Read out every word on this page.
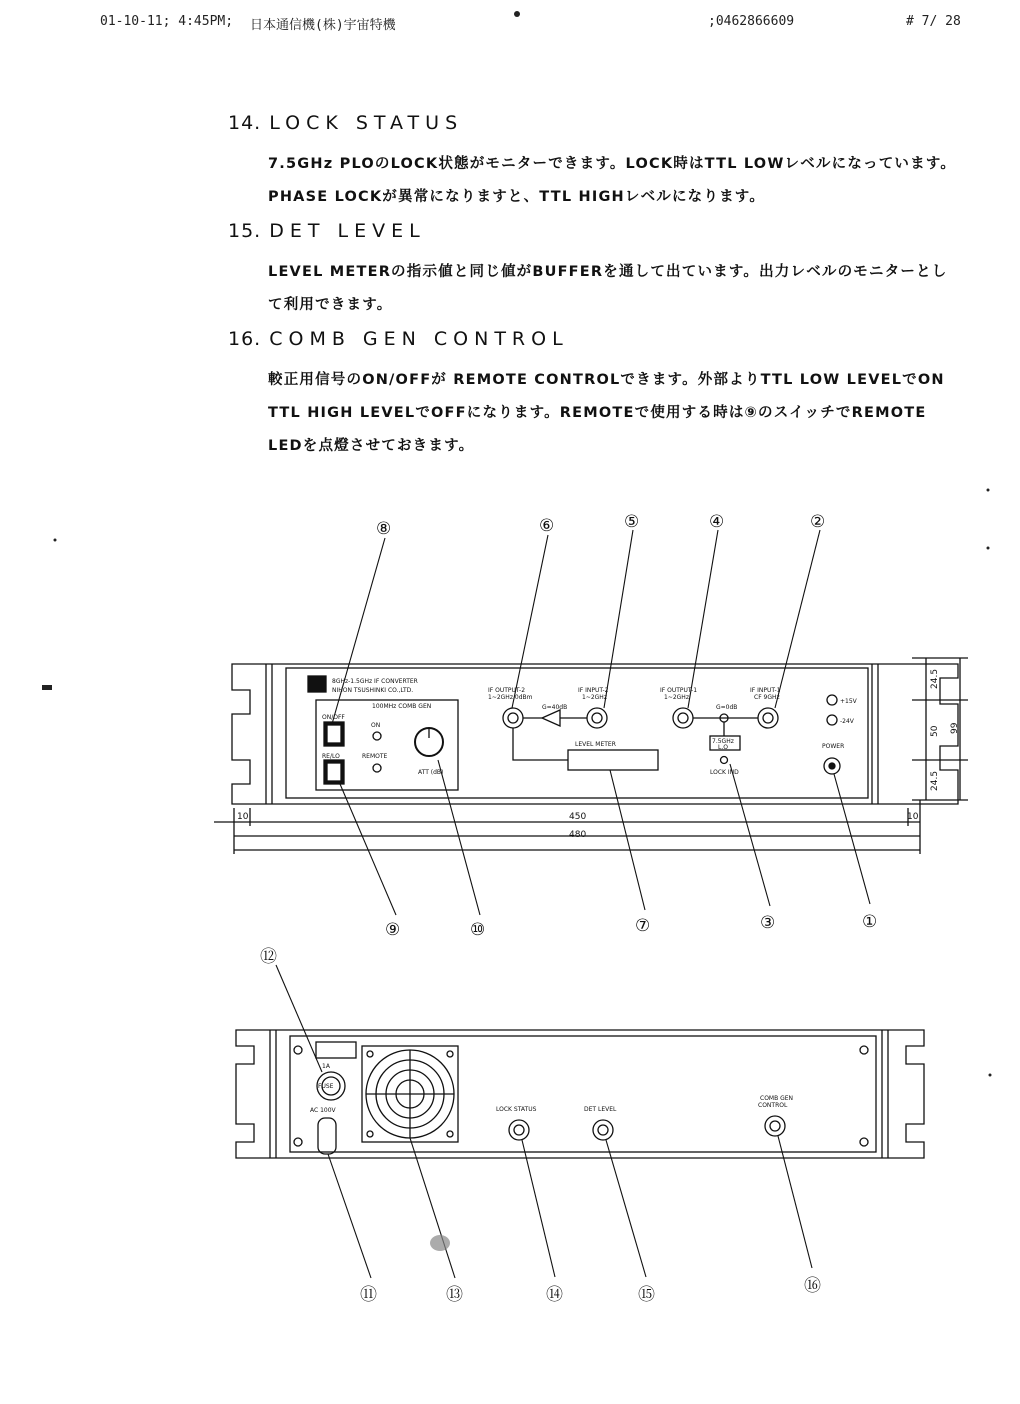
01-10-11; 4:45PM; 日本通信機(株)宇宙特機	;0462866609	# 7/ 28
14. LOCK STATUS
7.5GHz PLOのLOCK状態がモニターできます。LOCK時はTTL LOWレベルになっています。PHASE LOCKが異常になりますと、TTL HIGHレベルになります。
15. DET LEVEL
LEVEL METERの指示値と同じ値がBUFFERを通して出ています。出力レベルのモニターとして利用できます。
16. COMB GEN CONTROL
較正用信号のON/OFFが REMOTE CONTROLできます。外部よりTTL LOW LEVELでON TTL HIGH LEVELでOFFになります。REMOTEで使用する時は⑨のスイッチでREMOTE LEDを点燈させておきます。
8GHz-1.5GHz IF CONVERTER
NIHON TSUSHINKI CO.,LTD.
100MHz COMB GEN
ON/OFF
ON
RE/LO	REMOTE
ATT (dB)
IF OUTPUT-2
1~2GHz 0dBm
IF INPUT-2
1~2GHz
G=40dB
LEVEL METER
IF OUTPUT-1
1~2GHz
IF INPUT-1
CF 9GHz
G=0dB
7.5GHz
L.O
LOCK IND
+15V
-24V
POWER
10	10
450
480
24.5
50
24.5
99
1A
FUSE
AC 100V	LOCK STATUS	DET LEVEL
COMB GEN
CONTROL
⑧	⑥	⑤	④	②
⑨	⑩	⑦	③	①
⑫
⑪	⑬	⑭	⑮	⑯
